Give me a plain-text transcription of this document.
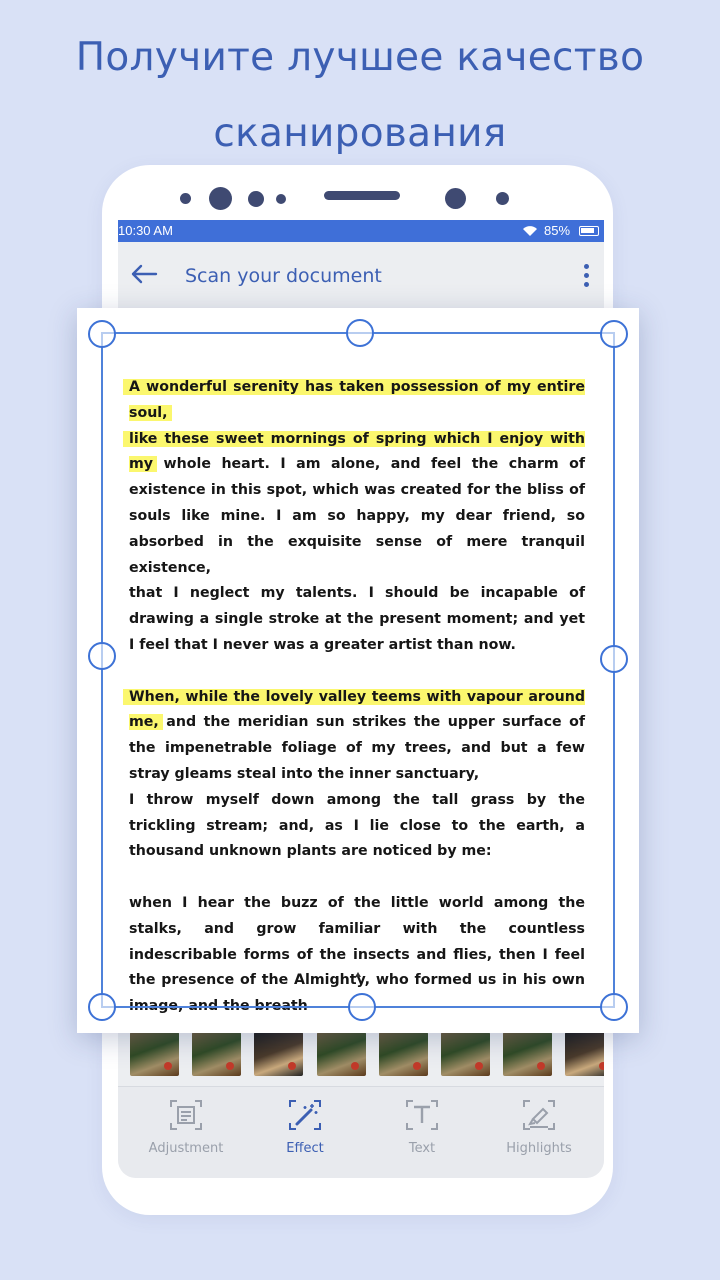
Получите лучшее качество
сканирования
10:30 AM	85%
Scan your document
Adjustment	Effect	Text	Highlights

A wonderful serenity has taken possession of my entire soul,
like these sweet mornings of spring which I enjoy with my whole heart. I am alone, and feel the charm of existence in this spot, which was created for the bliss of souls like mine. I am so happy, my dear friend, so absorbed in the exquisite sense of mere tranquil existence,

that I neglect my talents. I should be incapable of drawing a single stroke at the present moment; and yet I feel that I never was a greater artist than now.

When, while the lovely valley teems with vapour around me, and the meridian sun strikes the upper surface of the impenetrable foliage of my trees, and but a few stray gleams steal into the inner sanctuary,

I throw myself down among the tall grass by the trickling stream; and, as I lie close to the earth, a thousand unknown plants are noticed by me:

when I hear the buzz of the little world among the stalks, and grow familiar with the countless indescribable forms of the insects and flies, then I feel the presence of the Almighty, who formed us in his own image, and the breath
